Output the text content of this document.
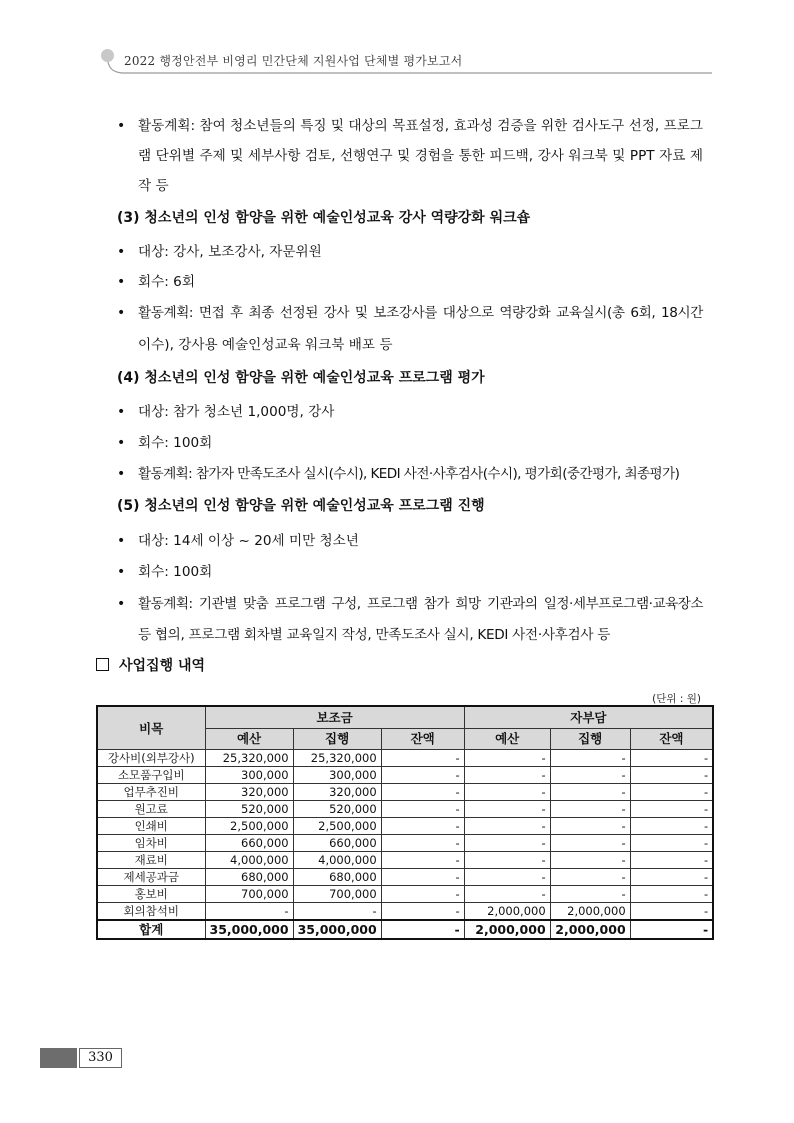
2022 행정안전부 비영리 민간단체 지원사업 단체별 평가보고서
• 활동계획: 참여 청소년들의 특징 및 대상의 목표설정, 효과성 검증을 위한 검사도구 선정, 프로그
램 단위별 주제 및 세부사항 검토, 선행연구 및 경험을 통한 피드백, 강사 워크북 및 PPT 자료 제
작 등
(3) 청소년의 인성 함양을 위한 예술인성교육 강사 역량강화 워크숍
• 대상: 강사, 보조강사, 자문위원
• 회수: 6회
• 활동계획: 면접 후 최종 선정된 강사 및 보조강사를 대상으로 역량강화 교육실시(총 6회, 18시간
이수), 강사용 예술인성교육 워크북 배포 등
(4) 청소년의 인성 함양을 위한 예술인성교육 프로그램 평가
• 대상: 참가 청소년 1,000명, 강사
• 회수: 100회
• 활동계획: 참가자 만족도조사 실시(수시), KEDI 사전·사후검사(수시), 평가회(중간평가, 최종평가)
(5) 청소년의 인성 함양을 위한 예술인성교육 프로그램 진행
• 대상: 14세 이상 ~ 20세 미만 청소년
• 회수: 100회
• 활동계획: 기관별 맞춤 프로그램 구성, 프로그램 참가 희망 기관과의 일정·세부프로그램·교육장소
등 협의, 프로그램 회차별 교육일지 작성, 만족도조사 실시, KEDI 사전·사후검사 등
사업집행 내역
(단위 : 원)
비목	보조금			자부담		
	예산	집행	잔액	예산	집행	잔액
강사비(외부강사)	25,320,000	25,320,000	-	-	-	-
소모품구입비	300,000	300,000	-	-	-	-
업무추진비	320,000	320,000	-	-	-	-
원고료	520,000	520,000	-	-	-	-
인쇄비	2,500,000	2,500,000	-	-	-	-
임차비	660,000	660,000	-	-	-	-
재료비	4,000,000	4,000,000	-	-	-	-
제세공과금	680,000	680,000	-	-	-	-
홍보비	700,000	700,000	-	-	-	-
회의참석비	-	-	-	2,000,000	2,000,000	-
합계	35,000,000	35,000,000	-	2,000,000	2,000,000	-
330
